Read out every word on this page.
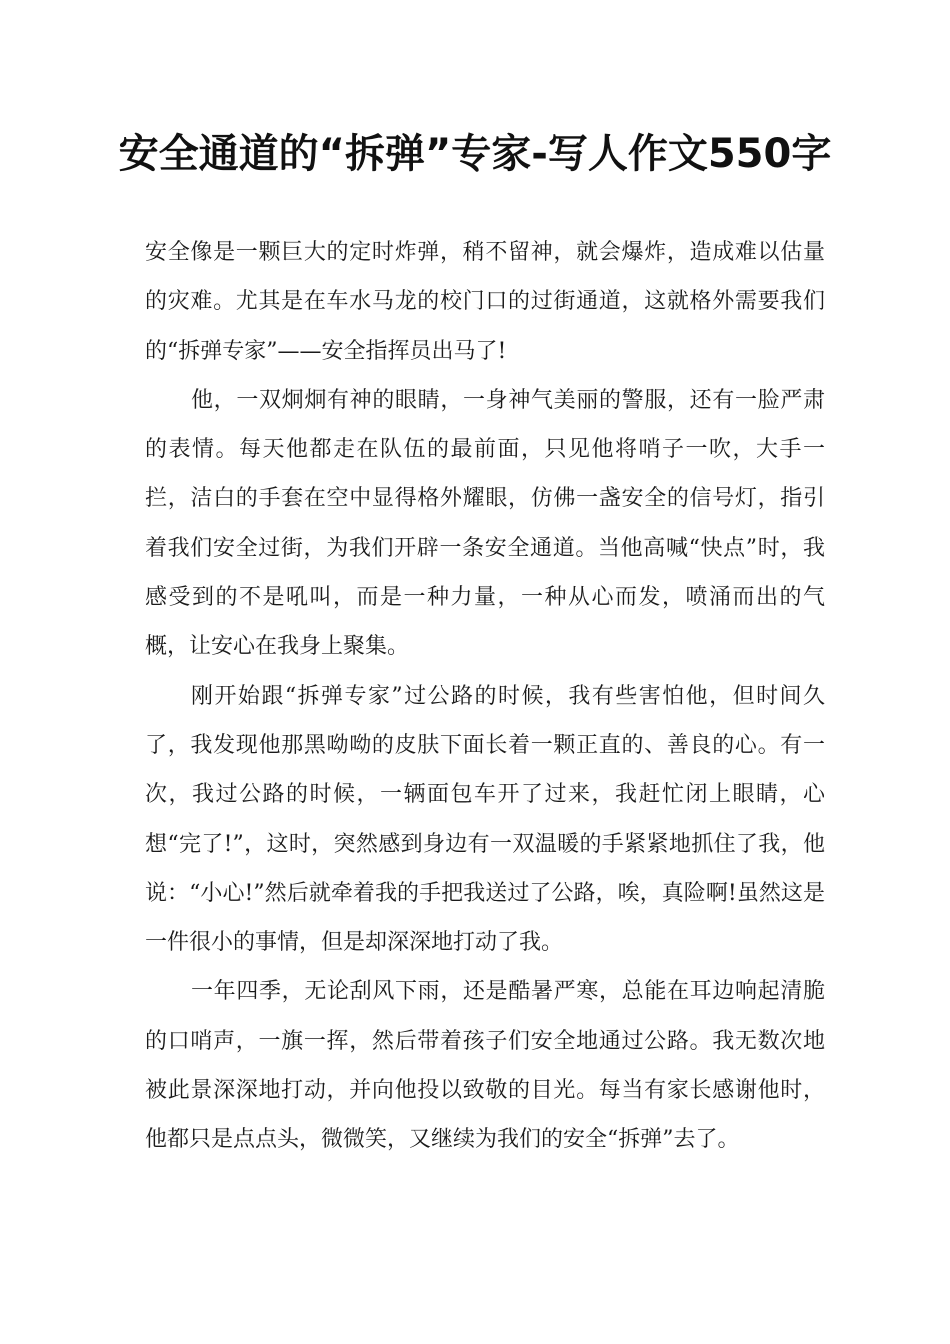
安全通道的“拆弹”专家-写人作文550字

安全像是一颗巨大的定时炸弹，稍不留神，就会爆炸，造成难以估量的灾难。尤其是在车水马龙的校门口的过街通道，这就格外需要我们的“拆弹专家”——安全指挥员出马了!

他，一双炯炯有神的眼睛，一身神气美丽的警服，还有一脸严肃的表情。每天他都走在队伍的最前面，只见他将哨子一吹，大手一拦，洁白的手套在空中显得格外耀眼，仿佛一盏安全的信号灯，指引着我们安全过街，为我们开辟一条安全通道。当他高喊“快点”时，我感受到的不是吼叫，而是一种力量，一种从心而发，喷涌而出的气概，让安心在我身上聚集。

刚开始跟“拆弹专家”过公路的时候，我有些害怕他，但时间久了，我发现他那黑呦呦的皮肤下面长着一颗正直的、善良的心。有一次，我过公路的时候，一辆面包车开了过来，我赶忙闭上眼睛，心想“完了!”，这时，突然感到身边有一双温暖的手紧紧地抓住了我，他说：“小心!”然后就牵着我的手把我送过了公路，唉，真险啊!虽然这是一件很小的事情，但是却深深地打动了我。

一年四季，无论刮风下雨，还是酷暑严寒，总能在耳边响起清脆的口哨声，一旗一挥，然后带着孩子们安全地通过公路。我无数次地被此景深深地打动，并向他投以致敬的目光。每当有家长感谢他时，他都只是点点头，微微笑，又继续为我们的安全“拆弹”去了。
